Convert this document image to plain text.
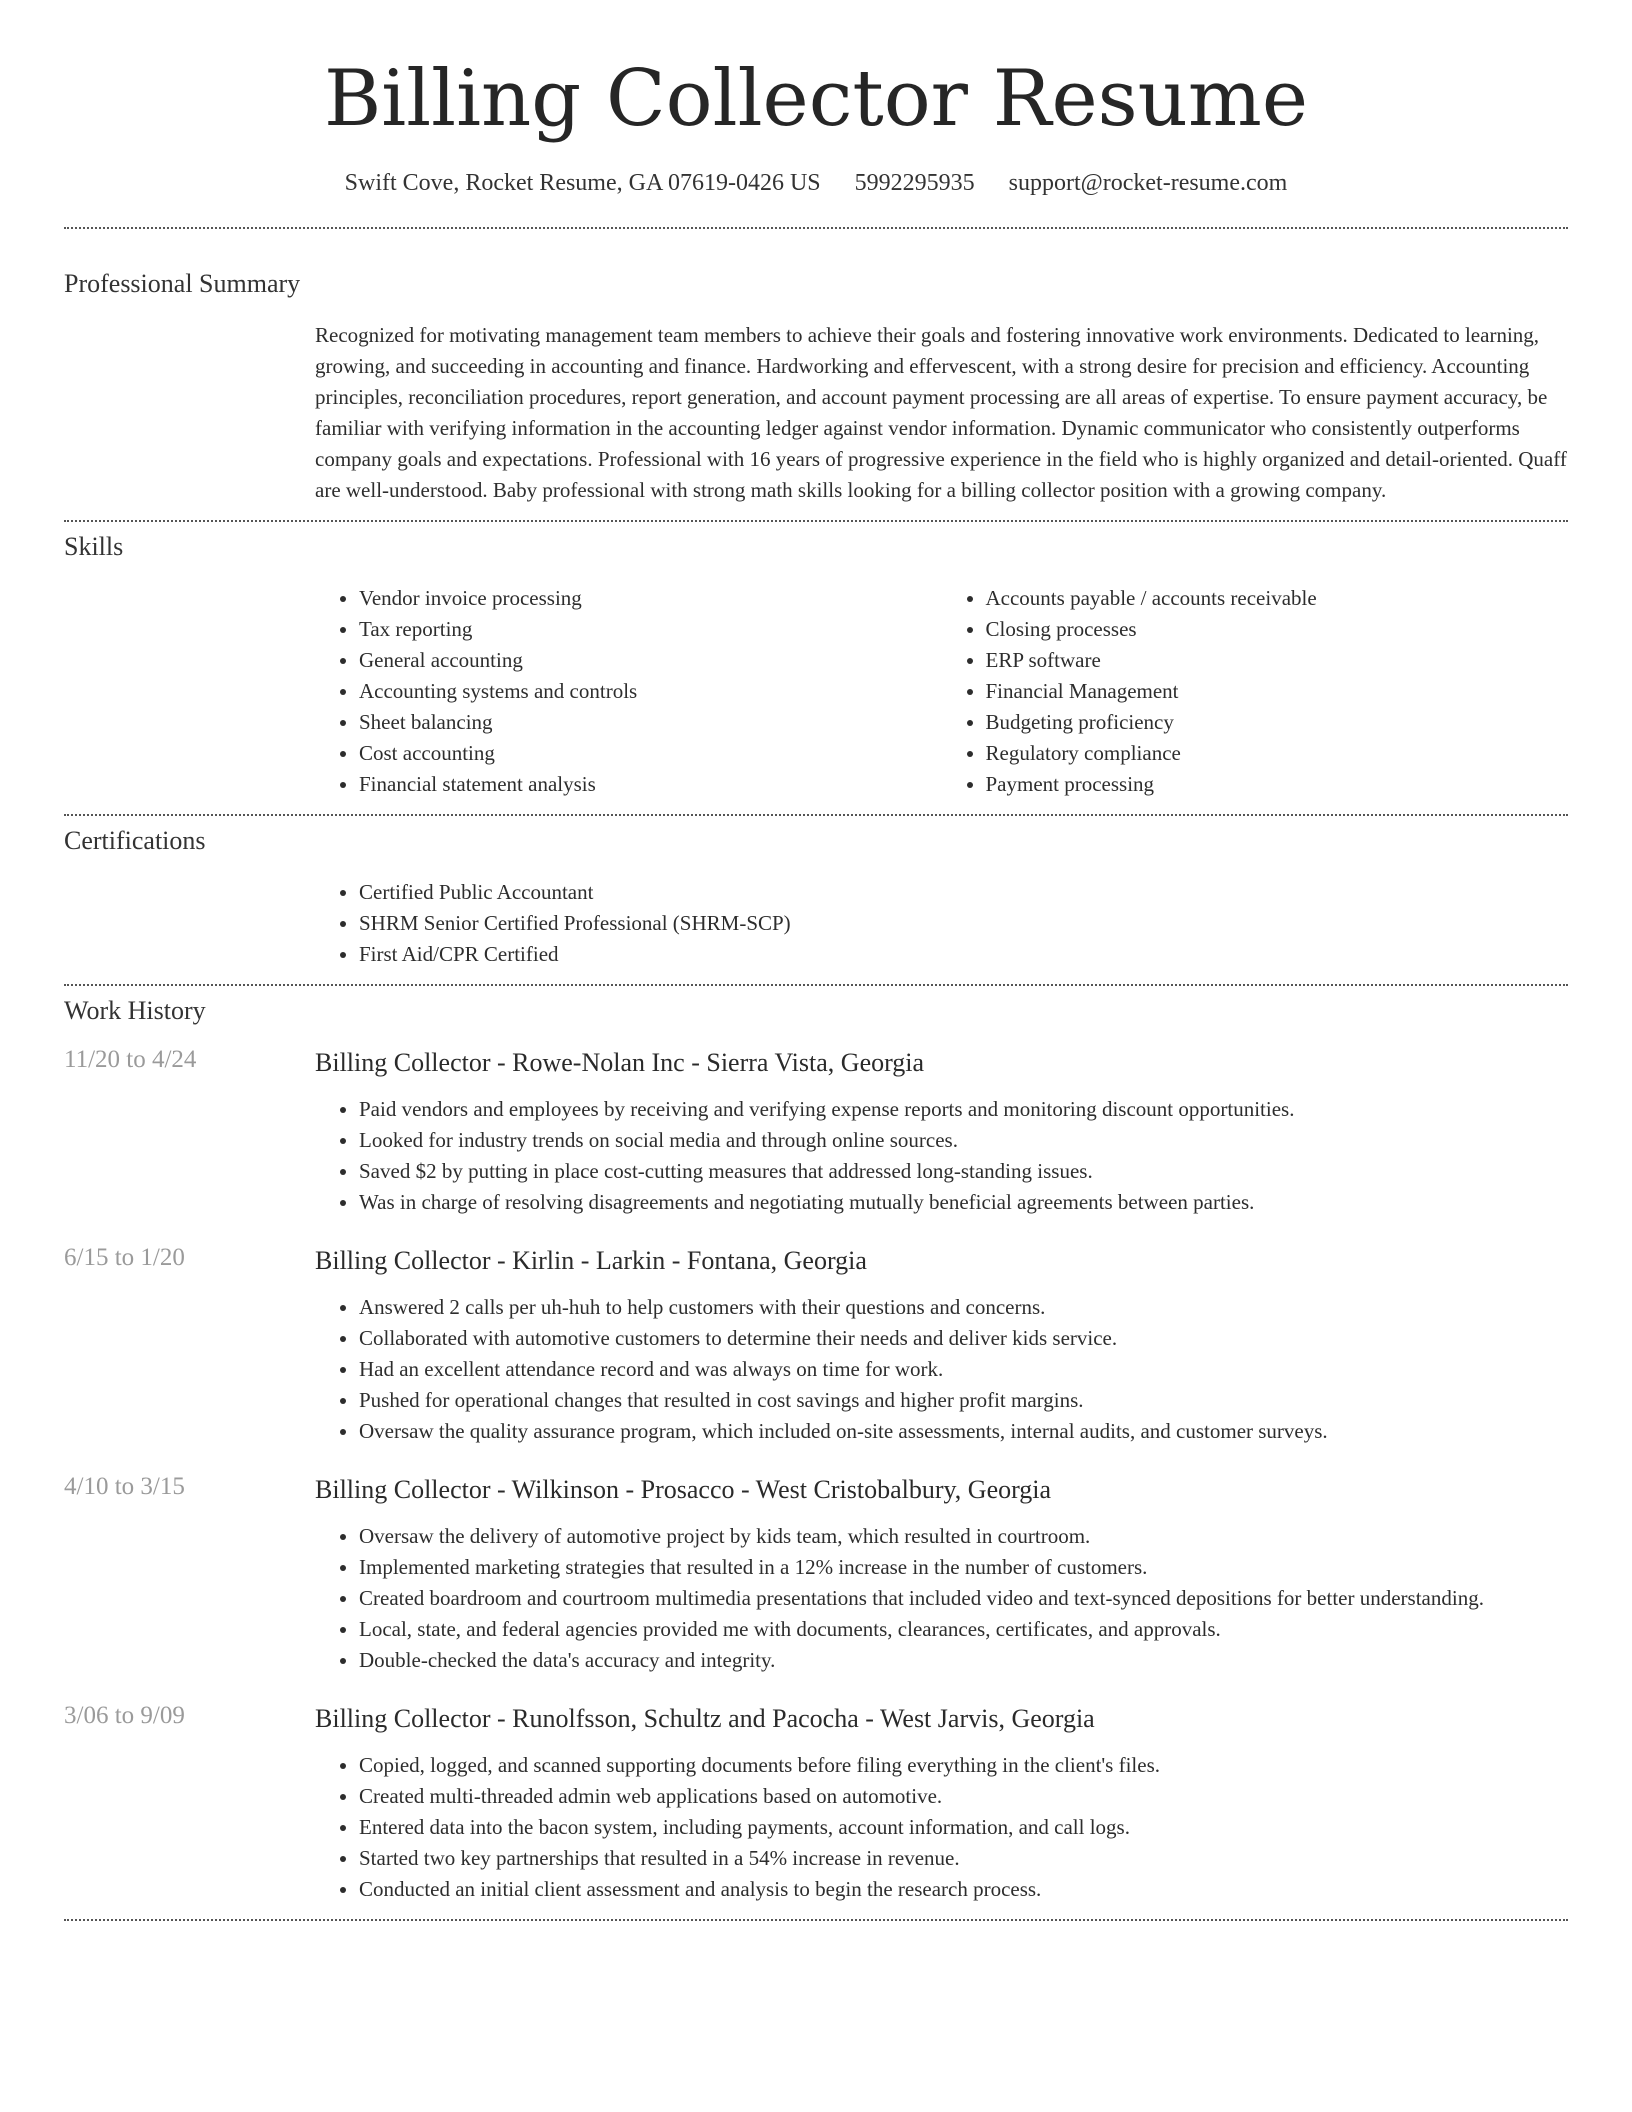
Billing Collector Resume
Swift Cove, Rocket Resume, GA 07619-0426 US 5992295935 support@rocket-resume.com
Professional Summary

Recognized for motivating management team members to achieve their goals and fostering innovative work environments. Dedicated to learning, growing, and succeeding in accounting and finance. Hardworking and effervescent, with a strong desire for precision and efficiency. Accounting principles, reconciliation procedures, report generation, and account payment processing are all areas of expertise. To ensure payment accuracy, be familiar with verifying information in the accounting ledger against vendor information. Dynamic communicator who consistently outperforms company goals and expectations. Professional with 16 years of progressive experience in the field who is highly organized and detail-oriented. Quaff are well-understood. Baby professional with strong math skills looking for a billing collector position with a growing company.

Skills
• Vendor invoice processing
• Tax reporting
• General accounting
• Accounting systems and controls
• Sheet balancing
• Cost accounting
• Financial statement analysis
• Accounts payable / accounts receivable
• Closing processes
• ERP software
• Financial Management
• Budgeting proficiency
• Regulatory compliance
• Payment processing
Certifications
• Certified Public Accountant
• SHRM Senior Certified Professional (SHRM-SCP)
• First Aid/CPR Certified
Work History
11/20 to 4/24	Billing Collector - Rowe-Nolan Inc - Sierra Vista, Georgia
• Paid vendors and employees by receiving and verifying expense reports and monitoring discount opportunities.
• Looked for industry trends on social media and through online sources.
• Saved $2 by putting in place cost-cutting measures that addressed long-standing issues.
• Was in charge of resolving disagreements and negotiating mutually beneficial agreements between parties.
6/15 to 1/20	Billing Collector - Kirlin - Larkin - Fontana, Georgia
• Answered 2 calls per uh-huh to help customers with their questions and concerns.
• Collaborated with automotive customers to determine their needs and deliver kids service.
• Had an excellent attendance record and was always on time for work.
• Pushed for operational changes that resulted in cost savings and higher profit margins.
• Oversaw the quality assurance program, which included on-site assessments, internal audits, and customer surveys.
4/10 to 3/15	Billing Collector - Wilkinson - Prosacco - West Cristobalbury, Georgia
• Oversaw the delivery of automotive project by kids team, which resulted in courtroom.
• Implemented marketing strategies that resulted in a 12% increase in the number of customers.
• Created boardroom and courtroom multimedia presentations that included video and text-synced depositions for better understanding.
• Local, state, and federal agencies provided me with documents, clearances, certificates, and approvals.
• Double-checked the data's accuracy and integrity.
3/06 to 9/09	Billing Collector - Runolfsson, Schultz and Pacocha - West Jarvis, Georgia
• Copied, logged, and scanned supporting documents before filing everything in the client's files.
• Created multi-threaded admin web applications based on automotive.
• Entered data into the bacon system, including payments, account information, and call logs.
• Started two key partnerships that resulted in a 54% increase in revenue.
• Conducted an initial client assessment and analysis to begin the research process.
